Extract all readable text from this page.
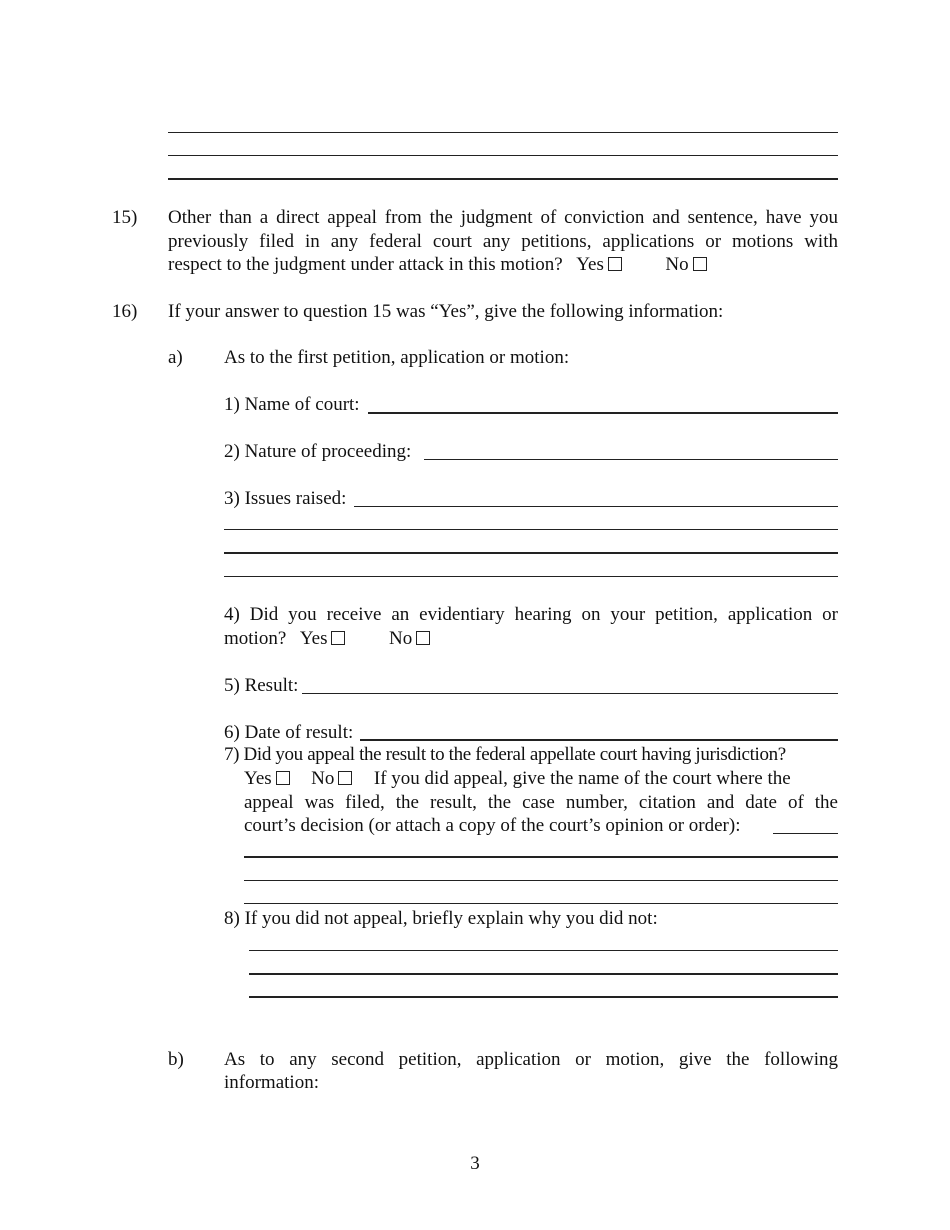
15) Other than a direct appeal from the judgment of conviction and sentence, have you
previously filed in any federal court any petitions, applications or motions with
respect to the judgment under attack in this motion? Yes	No
16) If your answer to question 15 was “Yes”, give the following information:
a) As to the first petition, application or motion:
1) Name of court:
2) Nature of proceeding:
3) Issues raised:
4) Did you receive an evidentiary hearing on your petition, application or
motion? Yes	No
5) Result:
6) Date of result:
7) Did you appeal the result to the federal appellate court having jurisdiction?
Yes No If you did appeal, give the name of the court where the
appeal was filed, the result, the case number, citation and date of the
court’s decision (or attach a copy of the court’s opinion or order):
8) If you did not appeal, briefly explain why you did not:
b) As to any second petition, application or motion, give the following
information:
3
